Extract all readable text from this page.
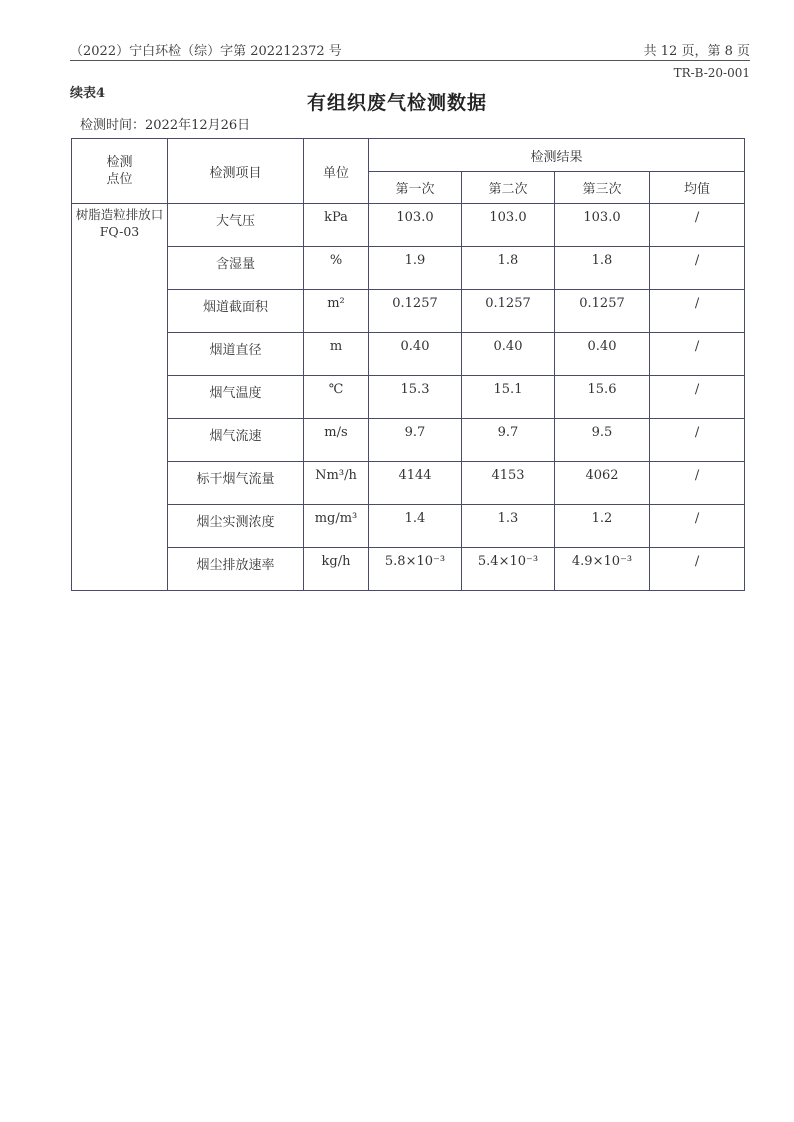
（2022）宁白环检（综）字第 202212372 号	共 12 页，第 8 页
TR-B-20-001
续表4	有组织废气检测数据
检测时间：2022年12月26日
检测
点位	检测项目	单位	检测结果			
			第一次	第二次	第三次	均值
树脂造粒排放口 FQ-03	大气压	kPa	103.0	103.0	103.0	/
	含湿量	%	1.9	1.8	1.8	/
	烟道截面积	m²	0.1257	0.1257	0.1257	/
	烟道直径	m	0.40	0.40	0.40	/
	烟气温度	℃	15.3	15.1	15.6	/
	烟气流速	m/s	9.7	9.7	9.5	/
	标干烟气流量	Nm³/h	4144	4153	4062	/
	烟尘实测浓度	mg/m³	1.4	1.3	1.2	/
	烟尘排放速率	kg/h	5.8×10⁻³	5.4×10⁻³	4.9×10⁻³	/
